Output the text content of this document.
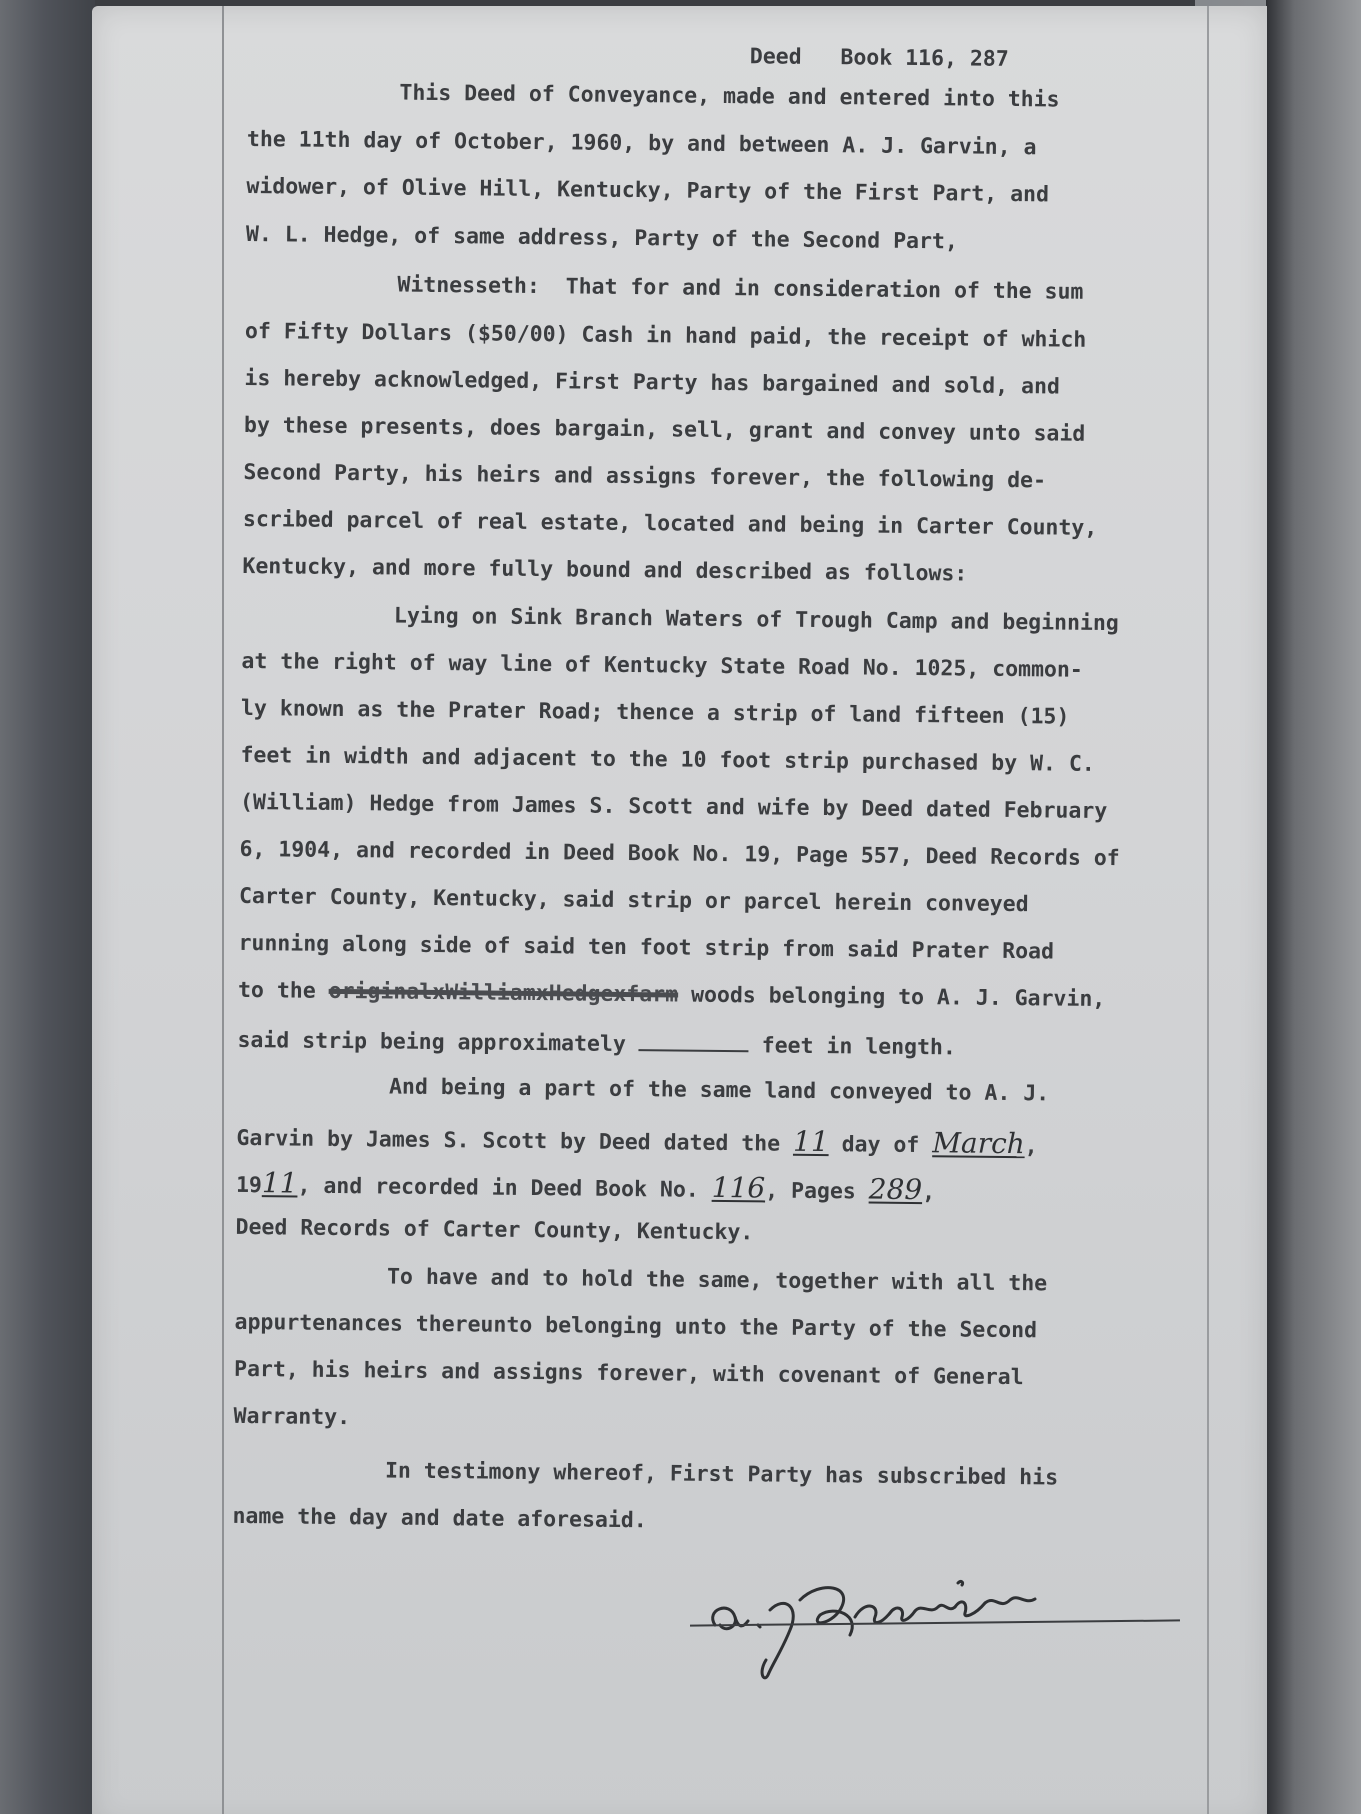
Deed   Book 116, 287
This Deed of Conveyance, made and entered into this
the 11th day of October, 1960, by and between A. J. Garvin, a
widower, of Olive Hill, Kentucky, Party of the First Part, and
W. L. Hedge, of same address, Party of the Second Part,
Witnesseth:  That for and in consideration of the sum
of Fifty Dollars ($50/00) Cash in hand paid, the receipt of which
is hereby acknowledged, First Party has bargained and sold, and
by these presents, does bargain, sell, grant and convey unto said
Second Party, his heirs and assigns forever, the following de-
scribed parcel of real estate, located and being in Carter County,
Kentucky, and more fully bound and described as follows:
Lying on Sink Branch Waters of Trough Camp and beginning
at the right of way line of Kentucky State Road No. 1025, common-
ly known as the Prater Road; thence a strip of land fifteen (15)
feet in width and adjacent to the 10 foot strip purchased by W. C.
(William) Hedge from James S. Scott and wife by Deed dated February
6, 1904, and recorded in Deed Book No. 19, Page 557, Deed Records of
Carter County, Kentucky, said strip or parcel herein conveyed
running along side of said ten foot strip from said Prater Road
to the originalxWilliamxHedgexfarm woods belonging to A. J. Garvin,
said strip being approximately	feet in length.
And being a part of the same land conveyed to A. J.
Garvin by James S. Scott by Deed dated the 11 day of March,
1911, and recorded in Deed Book No. 116, Pages 289,
Deed Records of Carter County, Kentucky.
To have and to hold the same, together with all the
appurtenances thereunto belonging unto the Party of the Second
Part, his heirs and assigns forever, with covenant of General
Warranty.
In testimony whereof, First Party has subscribed his
name the day and date aforesaid.
